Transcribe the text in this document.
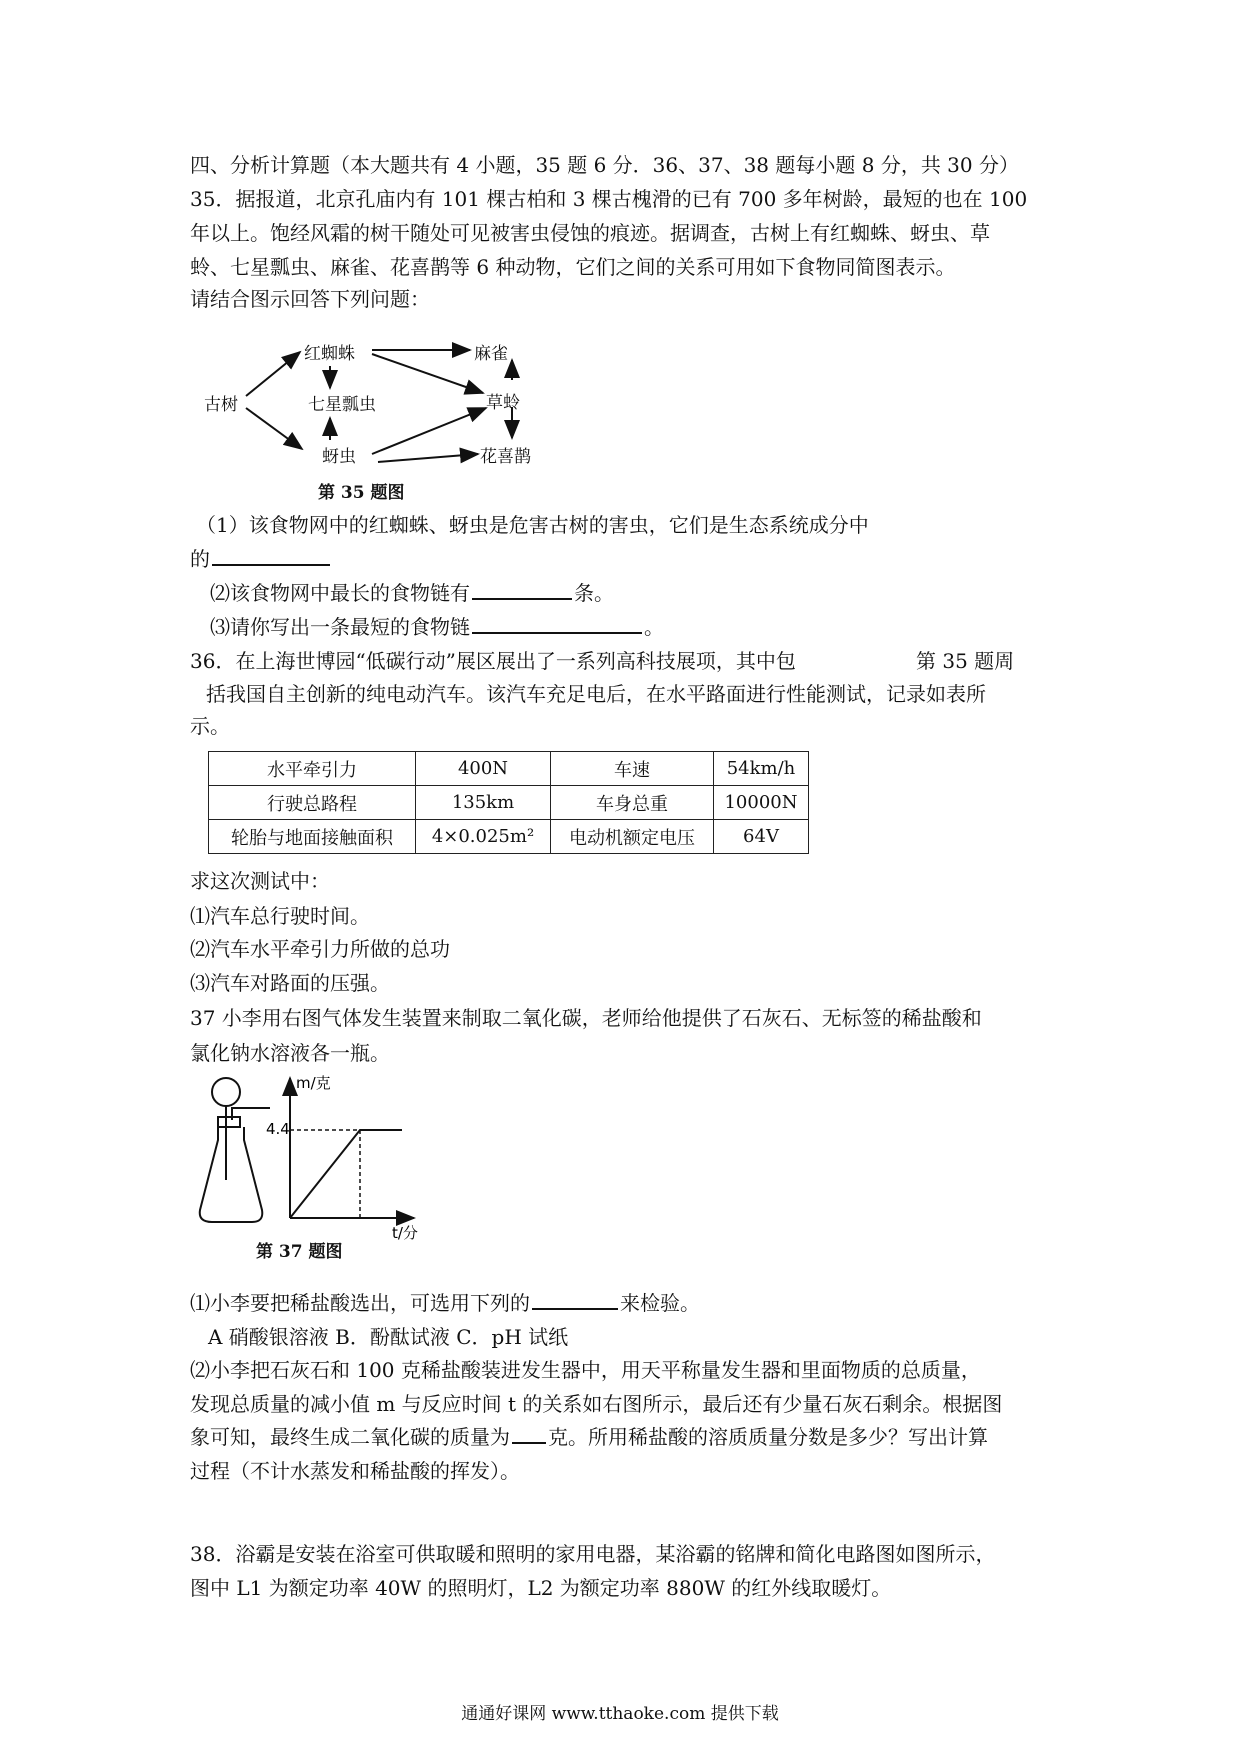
四、分析计算题（本大题共有 4 小题，35 题 6 分．36、37、38 题每小题 8 分，共 30 分）
35．据报道，北京孔庙内有 101 棵古柏和 3 棵古槐滑的已有 700 多年树龄，最短的也在 100
年以上。饱经风霜的树干随处可见被害虫侵蚀的痕迹。据调查，古树上有红蜘蛛、蚜虫、草
蛉、七星瓢虫、麻雀、花喜鹊等 6 种动物，它们之间的关系可用如下食物同简图表示。
请结合图示回答下列问题：
古树
红蜘蛛
七星瓢虫
蚜虫
麻雀
草蛉
花喜鹊
第 35 题图
（1）该食物网中的红蜘蛛、蚜虫是危害古树的害虫，它们是生态系统成分中
的
⑵该食物网中最长的食物链有	条。
⑶请你写出一条最短的食物链	。
36．在上海世博园“低碳行动”展区展出了一系列高科技展项，其中包	第 35 题周
括我国自主创新的纯电动汽车。该汽车充足电后，在水平路面进行性能测试，记录如表所
示。
水平牵引力	400N	车速	54km/h
行驶总路程	135km	车身总重	10000N
轮胎与地面接触面积	4×0.025m²	电动机额定电压	64V
求这次测试中：
⑴汽车总行驶时间。
⑵汽车水平牵引力所做的总功
⑶汽车对路面的压强。
37 小李用右图气体发生装置来制取二氧化碳，老师给他提供了石灰石、无标签的稀盐酸和
氯化钠水溶液各一瓶。
m/克
t/分
4.4
第 37 题图
⑴小李要把稀盐酸选出，可选用下列的	来检验。
A 硝酸银溶液 B．酚酞试液 C．pH 试纸
⑵小李把石灰石和 100 克稀盐酸装进发生器中，用天平称量发生器和里面物质的总质量，
发现总质量的减小值 m 与反应时间 t 的关系如右图所示，最后还有少量石灰石剩余。根据图
象可知，最终生成二氧化碳的质量为 克。所用稀盐酸的溶质质量分数是多少？写出计算
过程（不计水蒸发和稀盐酸的挥发）。
38．浴霸是安装在浴室可供取暖和照明的家用电器，某浴霸的铭牌和简化电路图如图所示，
图中 L1 为额定功率 40W 的照明灯，L2 为额定功率 880W 的红外线取暖灯。
通通好课网 www.tthaoke.com 提供下载
